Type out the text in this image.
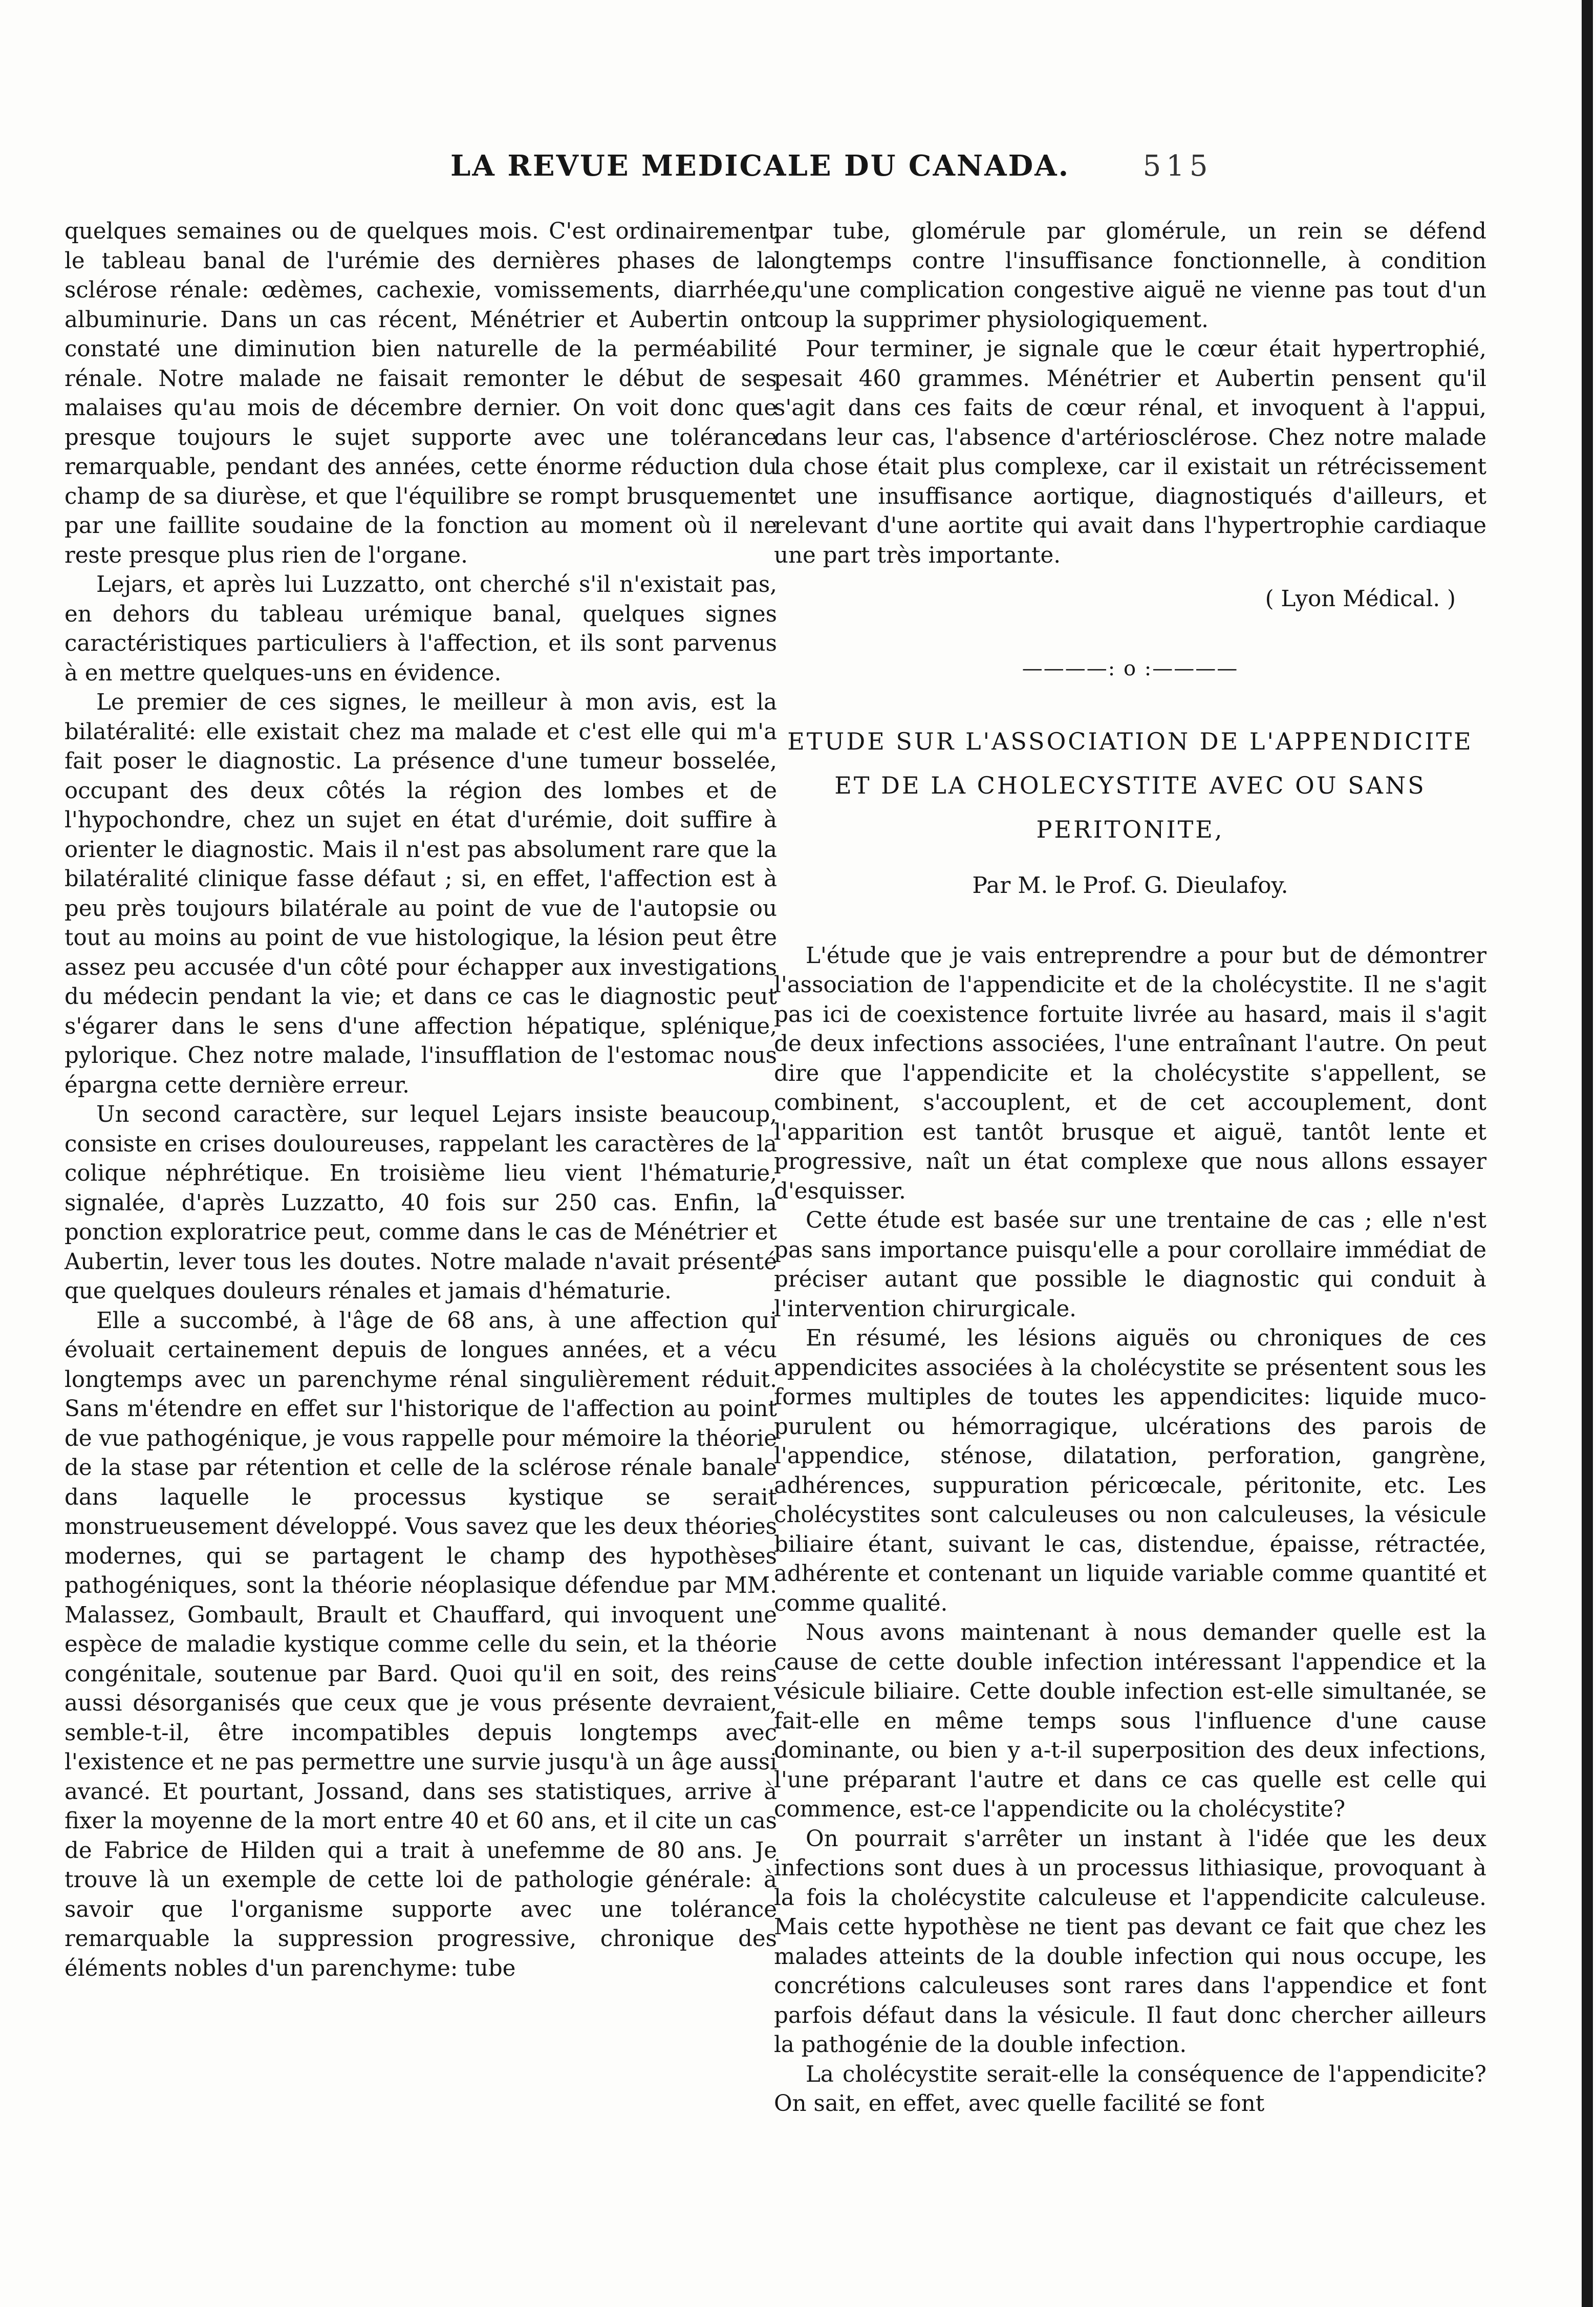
LA REVUE MEDICALE DU CANADA.	515

quelques semaines ou de quelques mois. C'est ordinairement le tableau banal de l'urémie des dernières phases de la sclérose rénale: œdèmes, cachexie, vomissements, diarrhée, albuminurie. Dans un cas récent, Ménétrier et Aubertin ont constaté une diminution bien naturelle de la perméabilité rénale. Notre malade ne faisait remonter le début de ses malaises qu'au mois de décembre dernier. On voit donc que presque toujours le sujet supporte avec une tolérance remarquable, pendant des années, cette énorme réduction du champ de sa diurèse, et que l'équilibre se rompt brusquement par une faillite soudaine de la fonction au moment où il ne reste presque plus rien de l'organe.

Lejars, et après lui Luzzatto, ont cherché s'il n'existait pas, en dehors du tableau urémique banal, quelques signes caractéristiques particuliers à l'affection, et ils sont parvenus à en mettre quelques-uns en évidence.

Le premier de ces signes, le meilleur à mon avis, est la bilatéralité: elle existait chez ma malade et c'est elle qui m'a fait poser le diagnostic. La présence d'une tumeur bosselée, occupant des deux côtés la région des lombes et de l'hypochondre, chez un sujet en état d'urémie, doit suffire à orienter le diagnostic. Mais il n'est pas absolument rare que la bilatéralité clinique fasse défaut ; si, en effet, l'affection est à peu près toujours bilatérale au point de vue de l'autopsie ou tout au moins au point de vue histologique, la lésion peut être assez peu accusée d'un côté pour échapper aux investigations du médecin pendant la vie; et dans ce cas le diagnostic peut s'égarer dans le sens d'une affection hépatique, splénique, pylorique. Chez notre malade, l'insufflation de l'estomac nous épargna cette dernière erreur.

Un second caractère, sur lequel Lejars insiste beaucoup, consiste en crises douloureuses, rappelant les caractères de la colique néphrétique. En troisième lieu vient l'hématurie, signalée, d'après Luzzatto, 40 fois sur 250 cas. Enfin, la ponction exploratrice peut, comme dans le cas de Ménétrier et Aubertin, lever tous les doutes. Notre malade n'avait présenté que quelques douleurs rénales et jamais d'hématurie.

Elle a succombé, à l'âge de 68 ans, à une affection qui évoluait certainement depuis de longues années, et a vécu longtemps avec un parenchyme rénal singulièrement réduit. Sans m'étendre en effet sur l'historique de l'affection au point de vue pathogénique, je vous rappelle pour mémoire la théorie de la stase par rétention et celle de la sclérose rénale banale dans laquelle le processus kystique se serait monstrueusement développé. Vous savez que les deux théories modernes, qui se partagent le champ des hypothèses pathogéniques, sont la théorie néoplasique défendue par MM. Malassez, Gombault, Brault et Chauffard, qui invoquent une espèce de maladie kystique comme celle du sein, et la théorie congénitale, soutenue par Bard. Quoi qu'il en soit, des reins aussi désorganisés que ceux que je vous présente devraient, semble-t-il, être incompatibles depuis longtemps avec l'existence et ne pas permettre une survie jusqu'à un âge aussi avancé. Et pourtant, Jossand, dans ses statistiques, arrive à fixer la moyenne de la mort entre 40 et 60 ans, et il cite un cas de Fabrice de Hilden qui a trait à unefemme de 80 ans. Je trouve là un exemple de cette loi de pathologie générale: à savoir que l'organisme supporte avec une tolérance remarquable la suppression progressive, chronique des éléments nobles d'un parenchyme: tube

par tube, glomérule par glomérule, un rein se défend longtemps contre l'insuffisance fonctionnelle, à condition qu'une complication congestive aiguë ne vienne pas tout d'un coup la supprimer physiologiquement.

Pour terminer, je signale que le cœur était hypertrophié, pesait 460 grammes. Ménétrier et Aubertin pensent qu'il s'agit dans ces faits de cœur rénal, et invoquent à l'appui, dans leur cas, l'absence d'artériosclérose. Chez notre malade la chose était plus complexe, car il existait un rétrécissement et une insuffisance aortique, diagnostiqués d'ailleurs, et relevant d'une aortite qui avait dans l'hypertrophie cardiaque une part très importante.

( Lyon Médical. )
————: o :————
ETUDE SUR L'ASSOCIATION DE L'APPENDICITE ET DE LA CHOLECYSTITE AVEC OU SANS PERITONITE,
Par M. le Prof. G. Dieulafoy.

L'étude que je vais entreprendre a pour but de démontrer l'association de l'appendicite et de la cholécystite. Il ne s'agit pas ici de coexistence fortuite livrée au hasard, mais il s'agit de deux infections associées, l'une entraînant l'autre. On peut dire que l'appendicite et la cholécystite s'appellent, se combinent, s'accouplent, et de cet accouplement, dont l'apparition est tantôt brusque et aiguë, tantôt lente et progressive, naît un état complexe que nous allons essayer d'esquisser.

Cette étude est basée sur une trentaine de cas ; elle n'est pas sans importance puisqu'elle a pour corollaire immédiat de préciser autant que possible le diagnostic qui conduit à l'intervention chirurgicale.

En résumé, les lésions aiguës ou chroniques de ces appendicites associées à la cholécystite se présentent sous les formes multiples de toutes les appendicites: liquide muco-purulent ou hémorragique, ulcérations des parois de l'appendice, sténose, dilatation, perforation, gangrène, adhérences, suppuration péricœcale, péritonite, etc. Les cholécystites sont calculeuses ou non calculeuses, la vésicule biliaire étant, suivant le cas, distendue, épaisse, rétractée, adhérente et contenant un liquide variable comme quantité et comme qualité.

Nous avons maintenant à nous demander quelle est la cause de cette double infection intéressant l'appendice et la vésicule biliaire. Cette double infection est-elle simultanée, se fait-elle en même temps sous l'influence d'une cause dominante, ou bien y a-t-il superposition des deux infections, l'une préparant l'autre et dans ce cas quelle est celle qui commence, est-ce l'appendicite ou la cholécystite?

On pourrait s'arrêter un instant à l'idée que les deux infections sont dues à un processus lithiasique, provoquant à la fois la cholécystite calculeuse et l'appendicite calculeuse. Mais cette hypothèse ne tient pas devant ce fait que chez les malades atteints de la double infection qui nous occupe, les concrétions calculeuses sont rares dans l'appendice et font parfois défaut dans la vésicule. Il faut donc chercher ailleurs la pathogénie de la double infection.

La cholécystite serait-elle la conséquence de l'appendicite? On sait, en effet, avec quelle facilité se font
